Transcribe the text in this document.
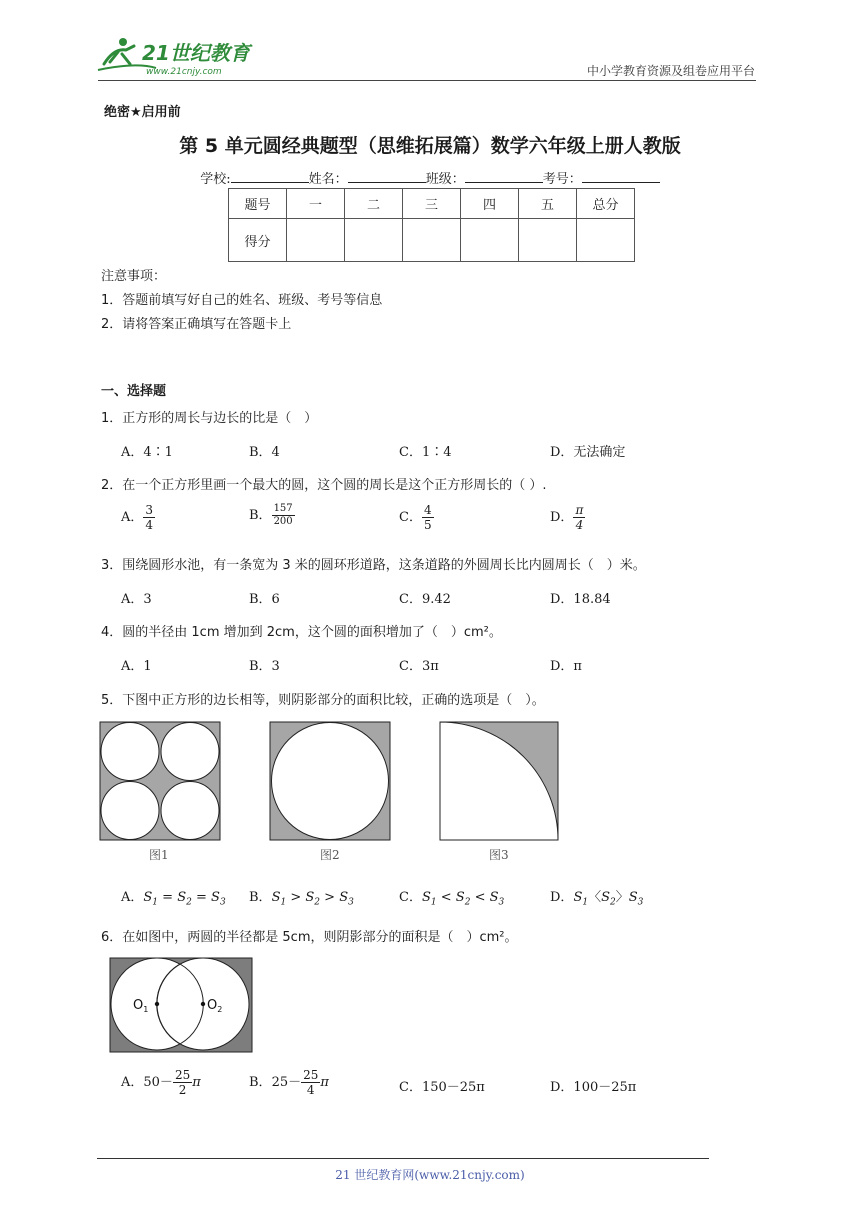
21世纪教育
www.21cnjy.com	中小学教育资源及组卷应用平台
绝密★启用前
第 5 单元圆经典题型（思维拓展篇）数学六年级上册人教版
学校:	姓名：	班级：	考号：
题号	一	二	三	四	五	总分
得分						
注意事项：
1．答题前填写好自己的姓名、班级、考号等信息
2．请将答案正确填写在答题卡上
一、选择题
1．正方形的周长与边长的比是（　）
A．4∶1	B．4	C．1∶4	D．无法确定
2．在一个正方形里画一个最大的圆，这个圆的周长是这个正方形周长的（ ）.
A． $\frac{3}{4}$	B． $\frac{157}{200}$	C． $\frac{4}{5}$	D． $\frac{\pi}{4}$
3．围绕圆形水池，有一条宽为 3 米的圆环形道路，这条道路的外圆周长比内圆周长（　）米。
A．3	B．6	C．9.42	D．18.84
4．圆的半径由 1cm 增加到 2cm，这个圆的面积增加了（　）cm²。
A．1	B．3	C．3π	D．π
5．下图中正方形的边长相等，则阴影部分的面积比较，正确的选项是（　）。
图1	图2	图3
A．$S_1 = S_2 = S_3$ B．$S_1 > S_2 > S_3$	C．$S_1 < S_2 < S_3$	D．$S_1$〈$S_2$〉$S_3$
6．在如图中，两圆的半径都是 5cm，则阴影部分的面积是（　）cm²。
$O_1$	$O_2$
A．$50- \frac{25}{2}$ π	B．$25- \frac{25}{4}$ π	C．150－25π	D．100－25π
21 世纪教育网(www.21cnjy.com)
